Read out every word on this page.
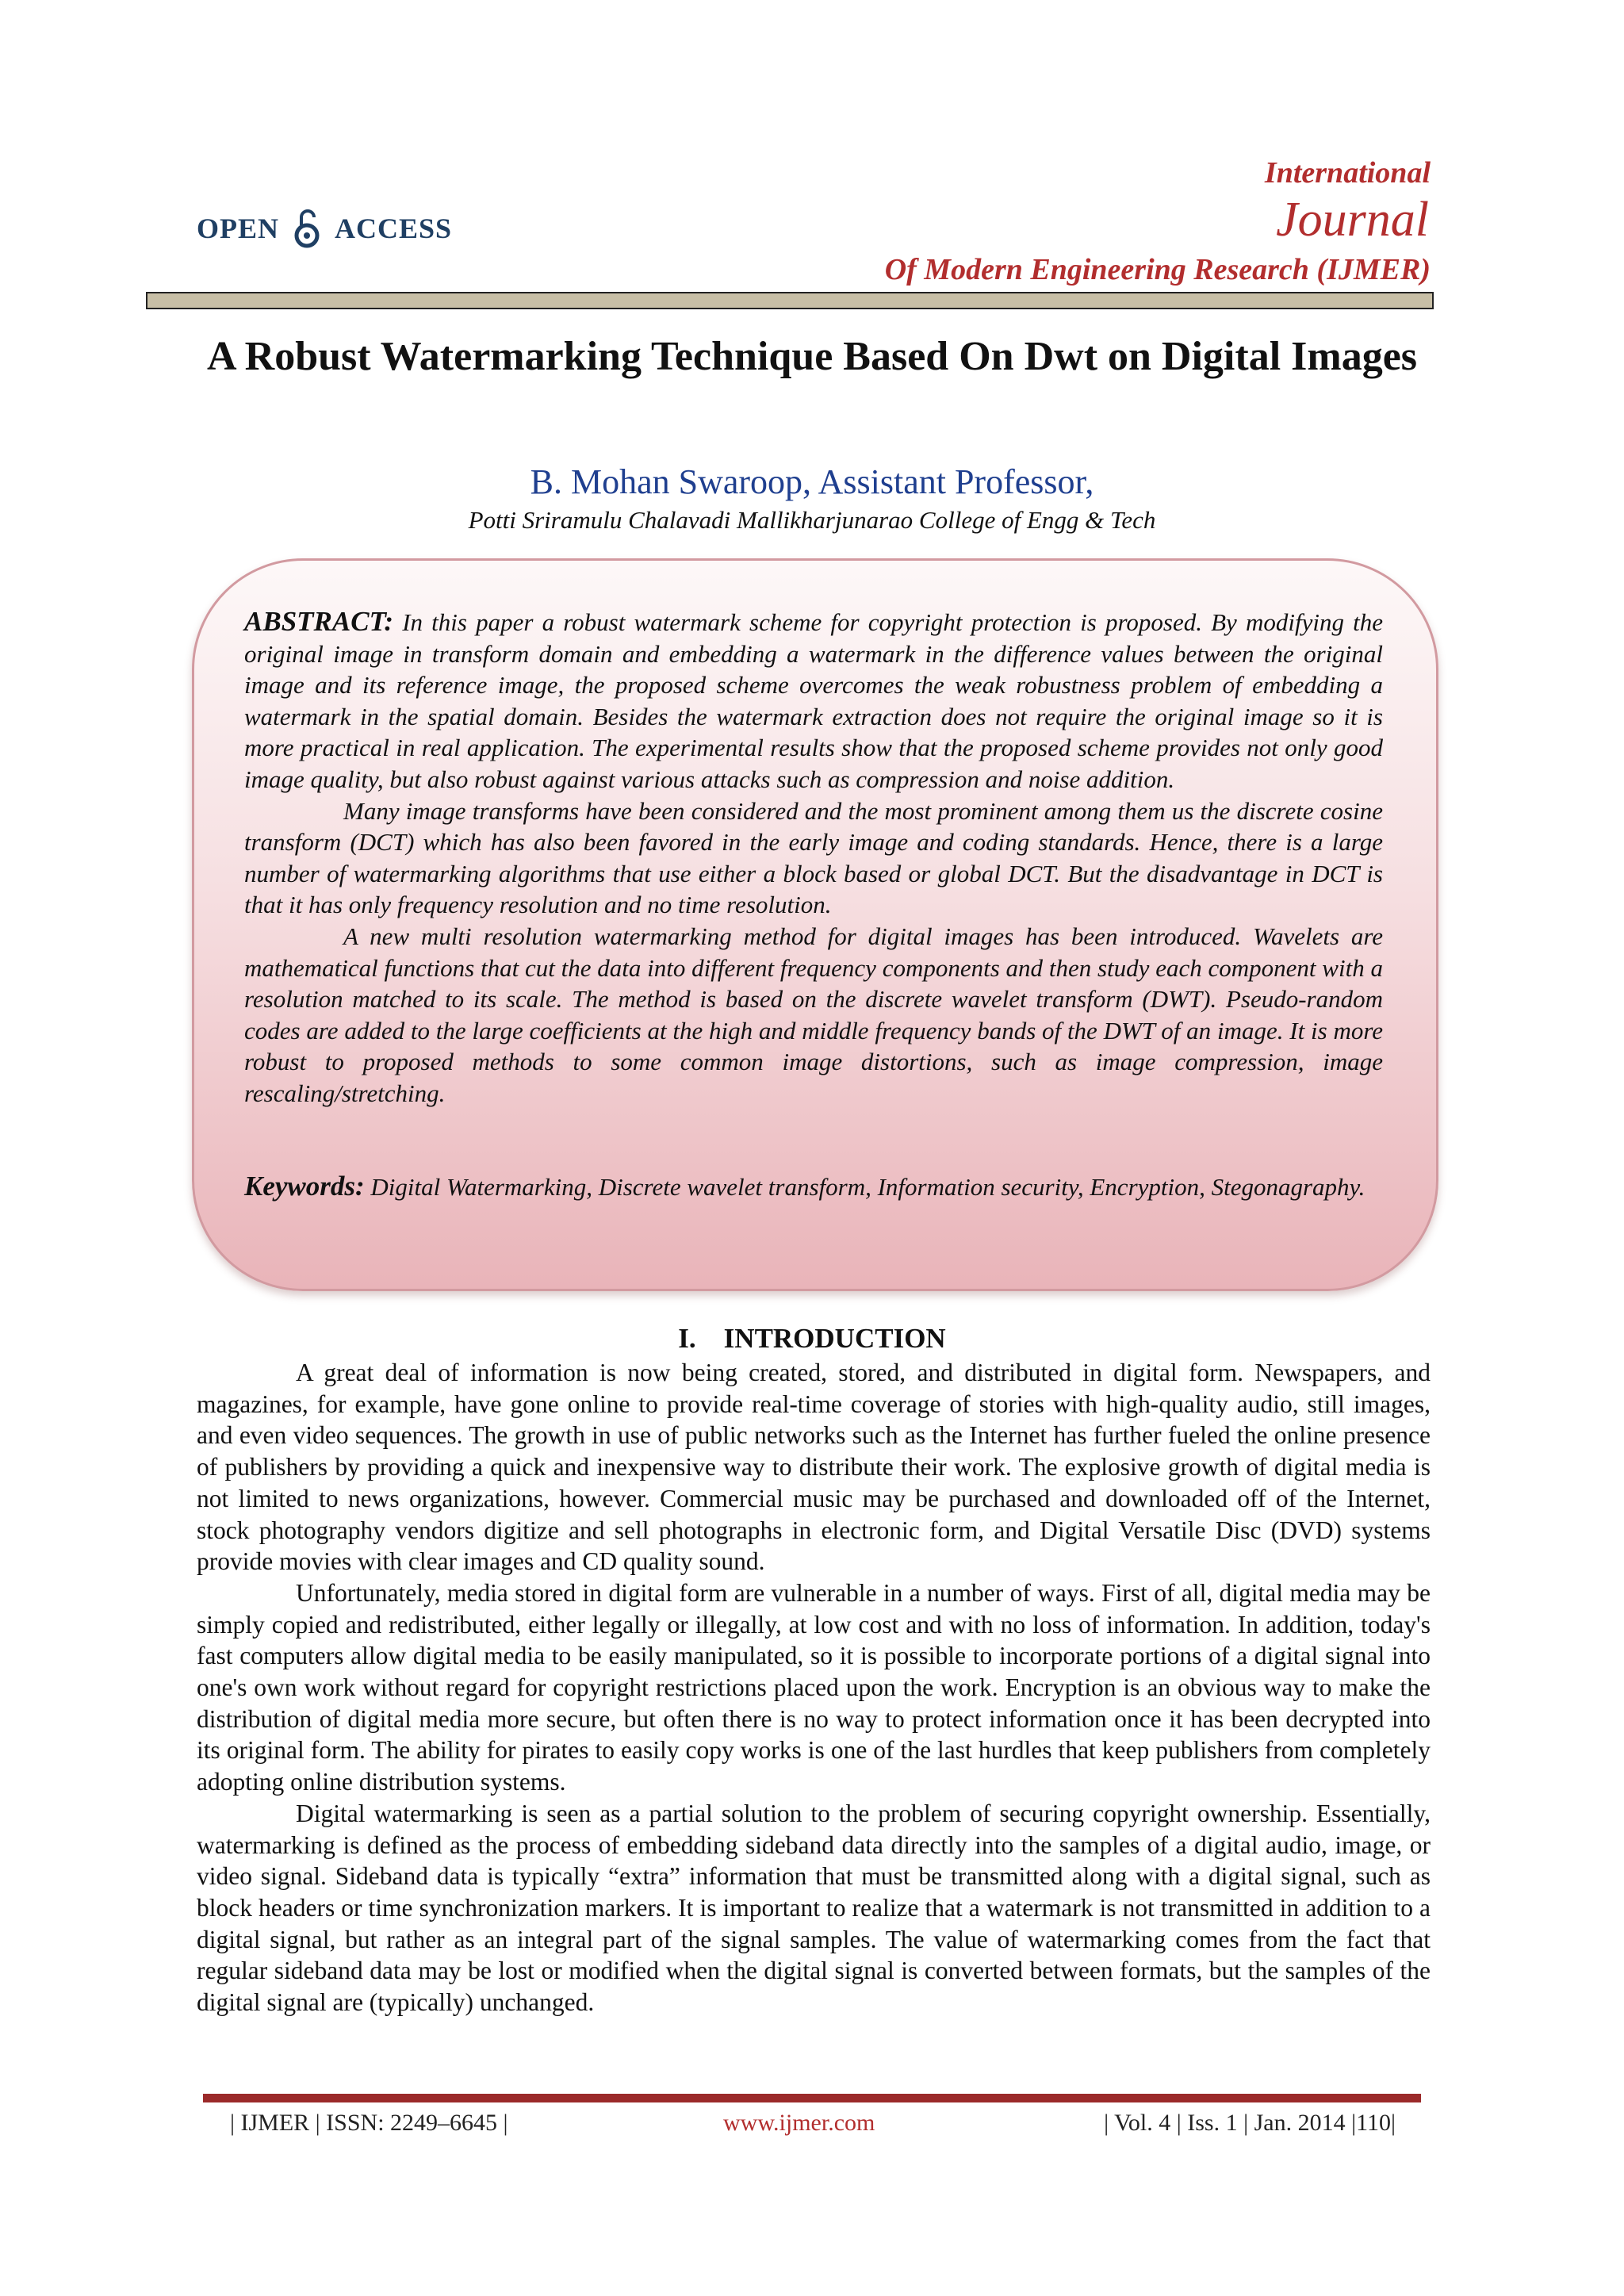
OPEN ACCESS
International
Journal
Of Modern Engineering Research (IJMER)
A Robust Watermarking Technique Based On Dwt on Digital Images
B. Mohan Swaroop, Assistant Professor,
Potti Sriramulu Chalavadi Mallikharjunarao College of Engg & Tech

ABSTRACT: In this paper a robust watermark scheme for copyright protection is proposed. By modifying the original image in transform domain and embedding a watermark in the difference values between the original image and its reference image, the proposed scheme overcomes the weak robustness problem of embedding a watermark in the spatial domain. Besides the watermark extraction does not require the original image so it is more practical in real application. The experimental results show that the proposed scheme provides not only good image quality, but also robust against various attacks such as compression and noise addition.

Many image transforms have been considered and the most prominent among them us the discrete cosine transform (DCT) which has also been favored in the early image and coding standards. Hence, there is a large number of watermarking algorithms that use either a block based or global DCT. But the disadvantage in DCT is that it has only frequency resolution and no time resolution.

A new multi resolution watermarking method for digital images has been introduced. Wavelets are mathematical functions that cut the data into different frequency components and then study each component with a resolution matched to its scale. The method is based on the discrete wavelet transform (DWT). Pseudo-random codes are added to the large coefficients at the high and middle frequency bands of the DWT of an image. It is more robust to proposed methods to some common image distortions, such as image compression, image rescaling/stretching.

Keywords: Digital Watermarking, Discrete wavelet transform, Information security, Encryption, Stegonagraphy.
I.    INTRODUCTION

A great deal of information is now being created, stored, and distributed in digital form. Newspapers, and magazines, for example, have gone online to provide real-time coverage of stories with high-quality audio, still images, and even video sequences. The growth in use of public networks such as the Internet has further fueled the online presence of publishers by providing a quick and inexpensive way to distribute their work. The explosive growth of digital media is not limited to news organizations, however. Commercial music may be purchased and downloaded off of the Internet, stock photography vendors digitize and sell photographs in electronic form, and Digital Versatile Disc (DVD) systems provide movies with clear images and CD quality sound.

Unfortunately, media stored in digital form are vulnerable in a number of ways. First of all, digital media may be simply copied and redistributed, either legally or illegally, at low cost and with no loss of information. In addition, today's fast computers allow digital media to be easily manipulated, so it is possible to incorporate portions of a digital signal into one's own work without regard for copyright restrictions placed upon the work. Encryption is an obvious way to make the distribution of digital media more secure, but often there is no way to protect information once it has been decrypted into its original form. The ability for pirates to easily copy works is one of the last hurdles that keep publishers from completely adopting online distribution systems.

Digital watermarking is seen as a partial solution to the problem of securing copyright ownership. Essentially, watermarking is defined as the process of embedding sideband data directly into the samples of a digital audio, image, or video signal. Sideband data is typically “extra” information that must be transmitted along with a digital signal, such as block headers or time synchronization markers. It is important to realize that a watermark is not transmitted in addition to a digital signal, but rather as an integral part of the signal samples. The value of watermarking comes from the fact that regular sideband data may be lost or modified when the digital signal is converted between formats, but the samples of the digital signal are (typically) unchanged.

| IJMER | ISSN: 2249–6645 |	www.ijmer.com	| Vol. 4 | Iss. 1 | Jan. 2014 |110|
